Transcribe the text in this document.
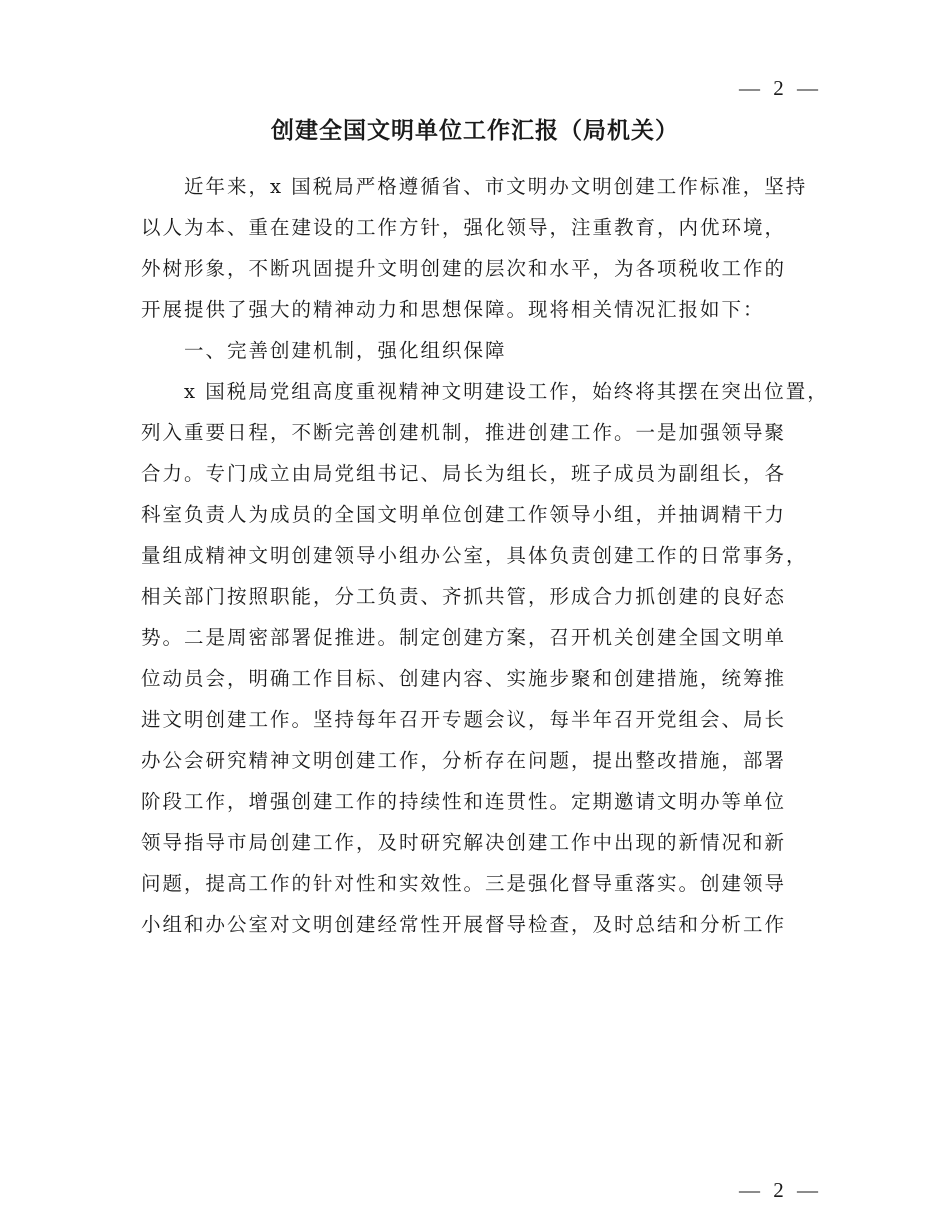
— 2 —
创建全国文明单位工作汇报（局机关）
近年来，x 国税局严格遵循省、市文明办文明创建工作标准，坚持
以人为本、重在建设的工作方针，强化领导，注重教育，内优环境，
外树形象，不断巩固提升文明创建的层次和水平，为各项税收工作的
开展提供了强大的精神动力和思想保障。现将相关情况汇报如下：
一、完善创建机制，强化组织保障
x 国税局党组高度重视精神文明建设工作，始终将其摆在突出位置，
列入重要日程，不断完善创建机制，推进创建工作。一是加强领导聚
合力。专门成立由局党组书记、局长为组长，班子成员为副组长，各
科室负责人为成员的全国文明单位创建工作领导小组，并抽调精干力
量组成精神文明创建领导小组办公室，具体负责创建工作的日常事务，
相关部门按照职能，分工负责、齐抓共管，形成合力抓创建的良好态
势。二是周密部署促推进。制定创建方案，召开机关创建全国文明单
位动员会，明确工作目标、创建内容、实施步聚和创建措施，统筹推
进文明创建工作。坚持每年召开专题会议，每半年召开党组会、局长
办公会研究精神文明创建工作，分析存在问题，提出整改措施，部署
阶段工作，增强创建工作的持续性和连贯性。定期邀请文明办等单位
领导指导市局创建工作，及时研究解决创建工作中出现的新情况和新
问题，提高工作的针对性和实效性。三是强化督导重落实。创建领导
小组和办公室对文明创建经常性开展督导检查，及时总结和分析工作
— 2 —
